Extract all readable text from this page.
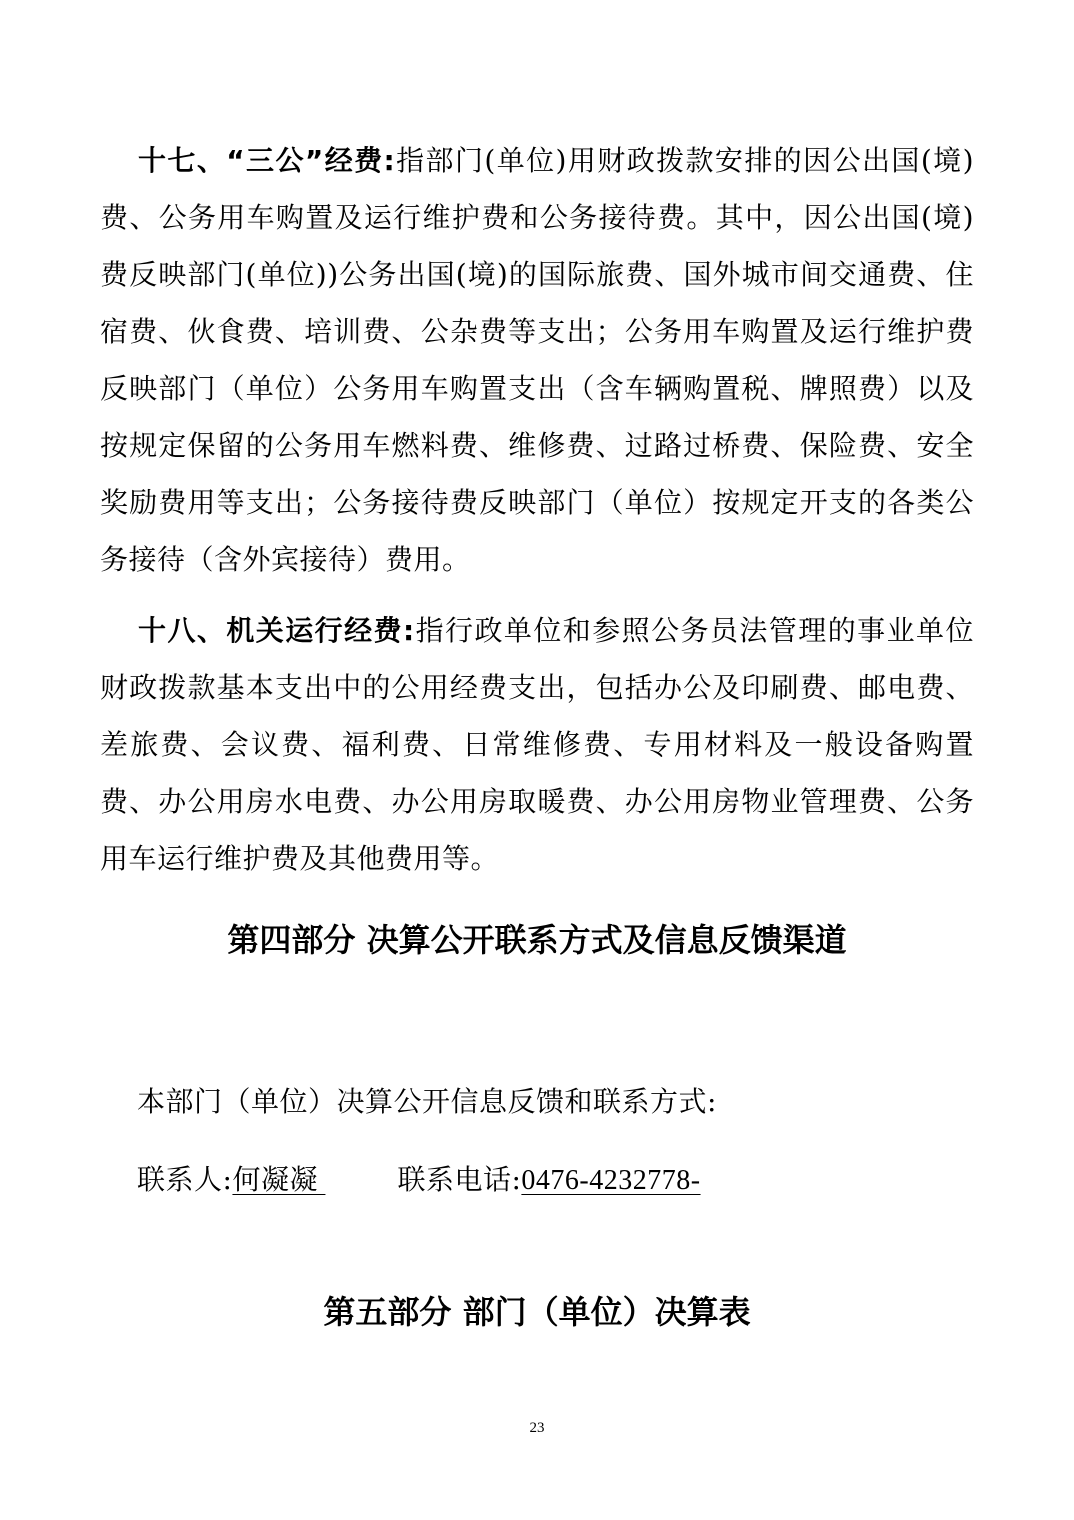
十七、“三公”经费:指部门(单位)用财政拨款安排的因公出国(境)费、公务用车购置及运行维护费和公务接待费。其中，因公出国(境)费反映部门(单位))公务出国(境)的国际旅费、国外城市间交通费、住宿费、伙食费、培训费、公杂费等支出；公务用车购置及运行维护费反映部门（单位）公务用车购置支出（含车辆购置税、牌照费）以及按规定保留的公务用车燃料费、维修费、过路过桥费、保险费、安全奖励费用等支出；公务接待费反映部门（单位）按规定开支的各类公务接待（含外宾接待）费用。

十八、机关运行经费:指行政单位和参照公务员法管理的事业单位财政拨款基本支出中的公用经费支出，包括办公及印刷费、邮电费、差旅费、会议费、福利费、日常维修费、专用材料及一般设备购置费、办公用房水电费、办公用房取暖费、办公用房物业管理费、公务用车运行维护费及其他费用等。

第四部分 决算公开联系方式及信息反馈渠道

本部门（单位）决算公开信息反馈和联系方式:

联系人:何凝凝	联系电话:0476-4232778-

第五部分 部门（单位）决算表
23
